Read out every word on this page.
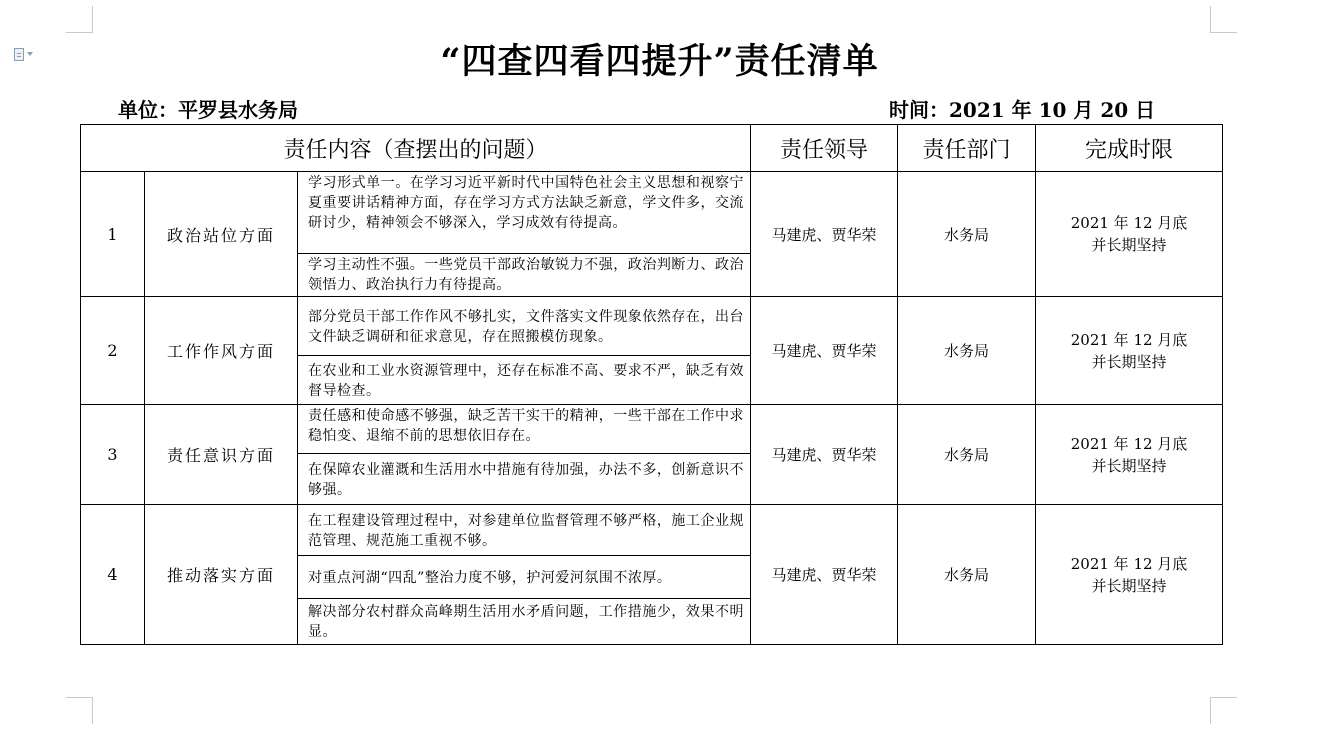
“四查四看四提升”责任清单
单位：平罗县水务局	时间：2021 年 10 月 20 日
责任内容（查摆出的问题）			责任领导	责任部门	完成时限
1	政治站位方面	学习形式单一。在学习习近平新时代中国特色社会主义思想和视察宁夏重要讲话精神方面，存在学习方式方法缺乏新意，学文件多，交流研讨少，精神领会不够深入，学习成效有待提高。	马建虎、贾华荣	水务局	2021 年 12 月底
并长期坚持

		学习主动性不强。一些党员干部政治敏锐力不强，政治判断力、政治领悟力、政治执行力有待提高。			
2	工作作风方面	部分党员干部工作作风不够扎实，文件落实文件现象依然存在，出台文件缺乏调研和征求意见，存在照搬模仿现象。	马建虎、贾华荣	水务局	2021 年 12 月底
并长期坚持

		在农业和工业水资源管理中，还存在标准不高、要求不严，缺乏有效督导检查。			
3	责任意识方面	责任感和使命感不够强，缺乏苦干实干的精神，一些干部在工作中求稳怕变、退缩不前的思想依旧存在。	马建虎、贾华荣	水务局	2021 年 12 月底
并长期坚持

		在保障农业灌溉和生活用水中措施有待加强，办法不多，创新意识不够强。			
4	推动落实方面	在工程建设管理过程中，对参建单位监督管理不够严格，施工企业规范管理、规范施工重视不够。	马建虎、贾华荣	水务局	2021 年 12 月底
并长期坚持

		对重点河湖“四乱”整治力度不够，护河爱河氛围不浓厚。			
		解决部分农村群众高峰期生活用水矛盾问题，工作措施少，效果不明显。			
